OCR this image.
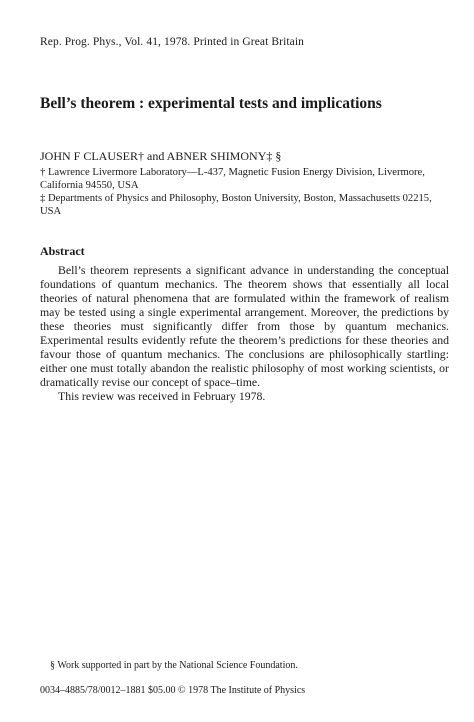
Rep. Prog. Phys., Vol. 41, 1978. Printed in Great Britain
Bell’s theorem : experimental tests and implications
JOHN F CLAUSER† and ABNER SHIMONY‡ §
† Lawrence Livermore Laboratory—L-437, Magnetic Fusion Energy Division, Livermore, California 94550, USA
‡ Departments of Physics and Philosophy, Boston University, Boston, Massachusetts 02215, USA
Abstract
Bell’s theorem represents a significant advance in understanding the conceptual foundations of quantum mechanics. The theorem shows that essentially all local theories of natural phenomena that are formulated within the framework of realism may be tested using a single experimental arrangement. Moreover, the predictions by these theories must significantly differ from those by quantum mechanics. Experimental results evidently refute the theorem’s predictions for these theories and favour those of quantum mechanics. The conclusions are philosophically startling: either one must totally abandon the realistic philosophy of most working scientists, or dramatically revise our concept of space–time.
This review was received in February 1978.
§ Work supported in part by the National Science Foundation.
0034–4885/78/0012–1881 $05.00 © 1978 The Institute of Physics
